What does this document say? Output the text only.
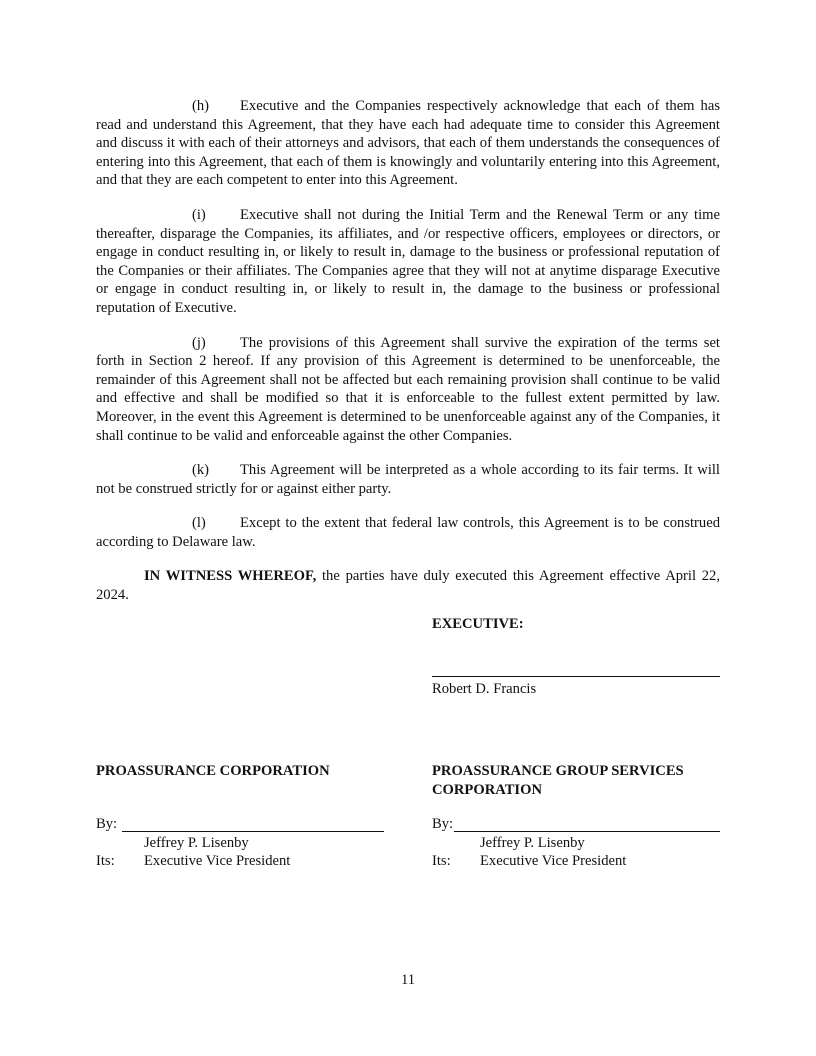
(h) Executive and the Companies respectively acknowledge that each of them has read and understand this Agreement, that they have each had adequate time to consider this Agreement and discuss it with each of their attorneys and advisors, that each of them understands the consequences of entering into this Agreement, that each of them is knowingly and voluntarily entering into this Agreement, and that they are each competent to enter into this Agreement.

(i) Executive shall not during the Initial Term and the Renewal Term or any time thereafter, disparage the Companies, its affiliates, and /or respective officers, employees or directors, or engage in conduct resulting in, or likely to result in, damage to the business or professional reputation of the Companies or their affiliates. The Companies agree that they will not at anytime disparage Executive or engage in conduct resulting in, or likely to result in, the damage to the business or professional reputation of Executive.

(j) The provisions of this Agreement shall survive the expiration of the terms set forth in Section 2 hereof. If any provision of this Agreement is determined to be unenforceable, the remainder of this Agreement shall not be affected but each remaining provision shall continue to be valid and effective and shall be modified so that it is enforceable to the fullest extent permitted by law. Moreover, in the event this Agreement is determined to be unenforceable against any of the Companies, it shall continue to be valid and enforceable against the other Companies.

(k) This Agreement will be interpreted as a whole according to its fair terms. It will not be construed strictly for or against either party.

(l) Except to the extent that federal law controls, this Agreement is to be construed according to Delaware law.

IN WITNESS WHEREOF, the parties have duly executed this Agreement effective April 22, 2024.

EXECUTIVE:
Robert D. Francis
PROASSURANCE CORPORATION
By:
Jeffrey P. Lisenby
Its: Executive Vice President
PROASSURANCE GROUP SERVICES CORPORATION
By:
Jeffrey P. Lisenby
Its: Executive Vice President
11
